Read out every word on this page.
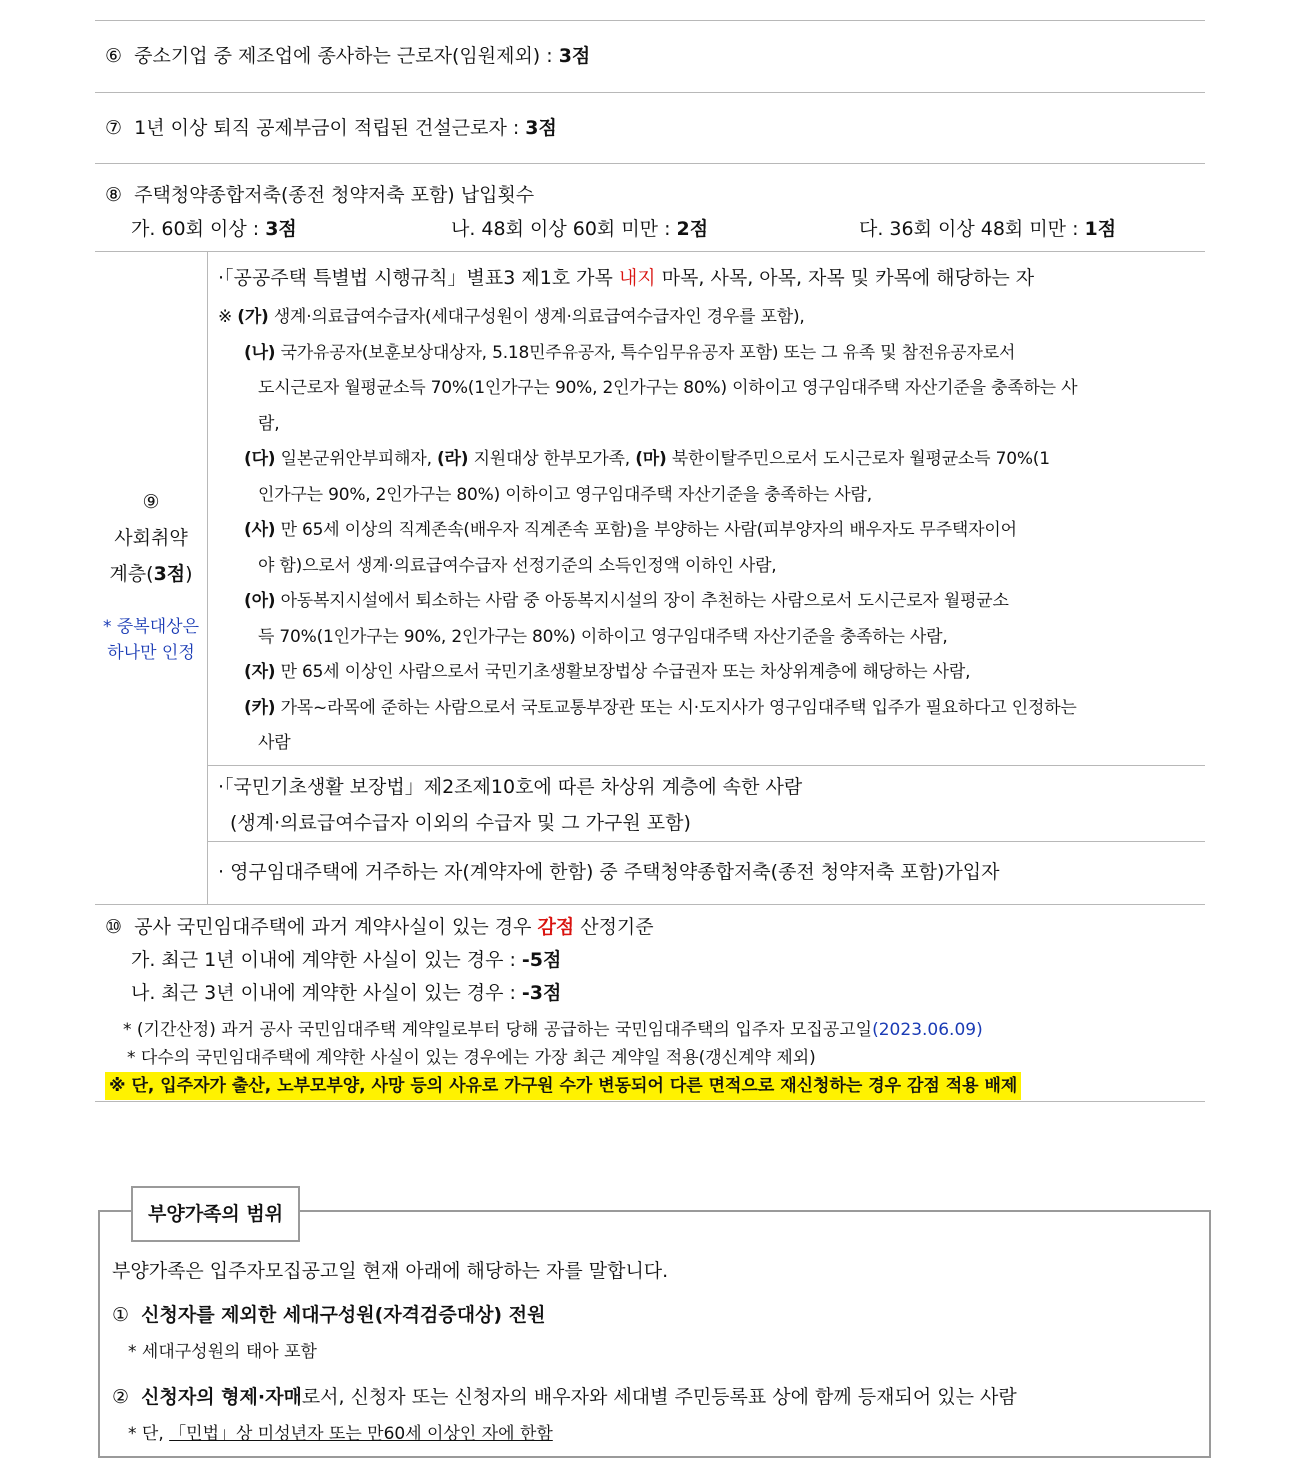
⑥ 중소기업 중 제조업에 종사하는 근로자(임원제외) : 3점
⑦ 1년 이상 퇴직 공제부금이 적립된 건설근로자 : 3점
⑧ 주택청약종합저축(종전 청약저축 포함) 납입횟수
가. 60회 이상 : 3점	나. 48회 이상 60회 미만 : 2점	다. 36회 이상 48회 미만 : 1점
⑨
사회취약
계층(3점)
* 중복대상은
하나만 인정
·「공공주택 특별법 시행규칙」별표3 제1호 가목 내지 마목, 사목, 아목, 자목 및 카목에 해당하는 자
※ (가) 생계·의료급여수급자(세대구성원이 생계·의료급여수급자인 경우를 포함),
(나) 국가유공자(보훈보상대상자, 5.18민주유공자, 특수임무유공자 포함) 또는 그 유족 및 참전유공자로서
도시근로자 월평균소득 70%(1인가구는 90%, 2인가구는 80%) 이하이고 영구임대주택 자산기준을 충족하는 사
람,
(다) 일본군위안부피해자, (라) 지원대상 한부모가족, (마) 북한이탈주민으로서 도시근로자 월평균소득 70%(1
인가구는 90%, 2인가구는 80%) 이하이고 영구임대주택 자산기준을 충족하는 사람,
(사) 만 65세 이상의 직계존속(배우자 직계존속 포함)을 부양하는 사람(피부양자의 배우자도 무주택자이어
야 함)으로서 생계·의료급여수급자 선정기준의 소득인정액 이하인 사람,
(아) 아동복지시설에서 퇴소하는 사람 중 아동복지시설의 장이 추천하는 사람으로서 도시근로자 월평균소
득 70%(1인가구는 90%, 2인가구는 80%) 이하이고 영구임대주택 자산기준을 충족하는 사람,
(자) 만 65세 이상인 사람으로서 국민기초생활보장법상 수급권자 또는 차상위계층에 해당하는 사람,
(카) 가목~라목에 준하는 사람으로서 국토교통부장관 또는 시·도지사가 영구임대주택 입주가 필요하다고 인정하는
사람
·「국민기초생활 보장법」제2조제10호에 따른 차상위 계층에 속한 사람
(생계·의료급여수급자 이외의 수급자 및 그 가구원 포함)
· 영구임대주택에 거주하는 자(계약자에 한함) 중 주택청약종합저축(종전 청약저축 포함)가입자
⑩ 공사 국민임대주택에 과거 계약사실이 있는 경우 감점 산정기준
가. 최근 1년 이내에 계약한 사실이 있는 경우 : -5점
나. 최근 3년 이내에 계약한 사실이 있는 경우 : -3점
* (기간산정) 과거 공사 국민임대주택 계약일로부터 당해 공급하는 국민임대주택의 입주자 모집공고일(2023.06.09)
* 다수의 국민임대주택에 계약한 사실이 있는 경우에는 가장 최근 계약일 적용(갱신계약 제외)
※ 단, 입주자가 출산, 노부모부양, 사망 등의 사유로 가구원 수가 변동되어 다른 면적으로 재신청하는 경우 감점 적용 배제
부양가족은 입주자모집공고일 현재 아래에 해당하는 자를 말합니다.
① 신청자를 제외한 세대구성원(자격검증대상) 전원
* 세대구성원의 태아 포함
② 신청자의 형제·자매로서, 신청자 또는 신청자의 배우자와 세대별 주민등록표 상에 함께 등재되어 있는 사람
* 단, 「민법」상 미성년자 또는 만60세 이상인 자에 한함
부양가족의 범위
